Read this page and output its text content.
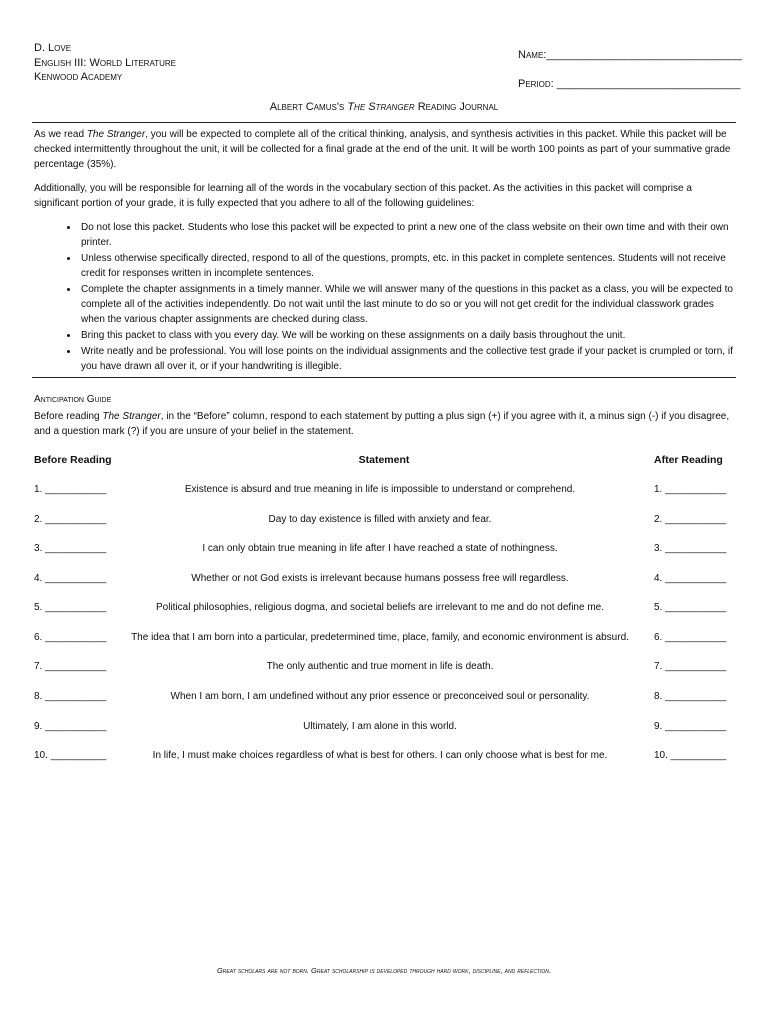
D. Love
English III: World Literature
Kenwood Academy
Name:________________________________
Period: ______________________________
Albert Camus's The Stranger Reading Journal

As we read The Stranger, you will be expected to complete all of the critical thinking, analysis, and synthesis activities in this packet. While this packet will be checked intermittently throughout the unit, it will be collected for a final grade at the end of the unit. It will be worth 100 points as part of your summative grade percentage (35%).

Additionally, you will be responsible for learning all of the words in the vocabulary section of this packet. As the activities in this packet will comprise a significant portion of your grade, it is fully expected that you adhere to all of the following guidelines:

• Do not lose this packet. Students who lose this packet will be expected to print a new one of the class website on their own time and with their own printer.
• Unless otherwise specifically directed, respond to all of the questions, prompts, etc. in this packet in complete sentences. Students will not receive credit for responses written in incomplete sentences.
• Complete the chapter assignments in a timely manner. While we will answer many of the questions in this packet as a class, you will be expected to complete all of the activities independently. Do not wait until the last minute to do so or you will not get credit for the individual classwork grades when the various chapter assignments are checked during class.
• Bring this packet to class with you every day. We will be working on these assignments on a daily basis throughout the unit.
• Write neatly and be professional. You will lose points on the individual assignments and the collective test grade if your packet is crumpled or torn, if you have drawn all over it, or if your handwriting is illegible.
Anticipation Guide
Before reading The Stranger, in the “Before” column, respond to each statement by putting a plus sign (+) if you agree with it, a minus sign (-) if you disagree, and a question mark (?) if you are unsure of your belief in the statement.
Before Reading	Statement	After Reading
1. ___________	Existence is absurd and true meaning in life is impossible to understand or comprehend.	1. ___________
2. ___________	Day to day existence is filled with anxiety and fear.	2. ___________
3. ___________	I can only obtain true meaning in life after I have reached a state of nothingness.	3. ___________
4. ___________	Whether or not God exists is irrelevant because humans possess free will regardless.	4. ___________
5. ___________	Political philosophies, religious dogma, and societal beliefs are irrelevant to me and do not define me.	5. ___________
6. ___________	The idea that I am born into a particular, predetermined time, place, family, and economic environment is absurd.	6. ___________
7. ___________	The only authentic and true moment in life is death.	7. ___________
8. ___________	When I am born, I am undefined without any prior essence or preconceived soul or personality.	8. ___________
9. ___________	Ultimately, I am alone in this world.	9. ___________
10. __________	In life, I must make choices regardless of what is best for others. I can only choose what is best for me.	10. __________
Great scholars are not born. Great scholarship is developed through hard work, discipline, and reflection.
